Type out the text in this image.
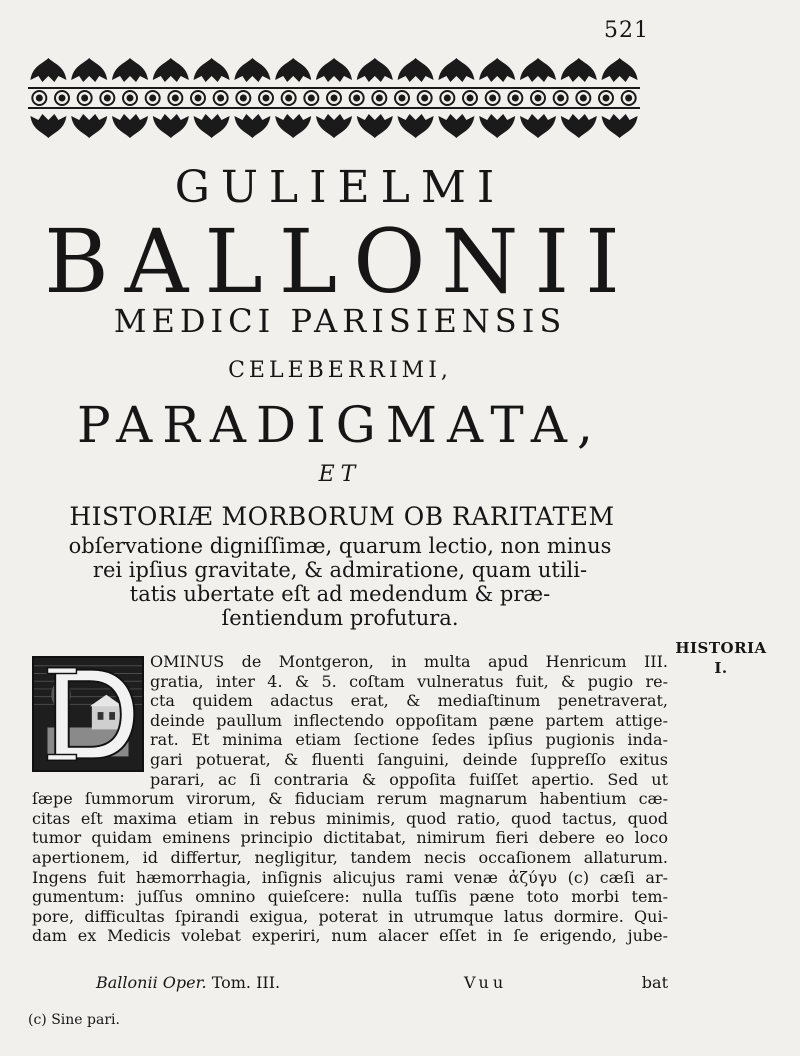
521
GULIELMI
BALLONII
MEDICI PARISIENSIS
CELEBERRIMI,
PARADIGMATA,
ET
HISTORIÆ MORBORUM OB RARITATEM
obſervatione digniſſimæ, quarum lectio, non minus
rei ipſius gravitate, & admiratione, quam utili-
tatis ubertate eſt ad medendum & præ-
ſentiendum profutura.
HISTORIA
I.
OMINUS de Montgeron, in multa apud Henricum III.
gratia, inter 4. & 5. coſtam vulneratus fuit, & pugio re-
cta quidem adactus erat, & mediaſtinum penetraverat,
deinde paullum inflectendo oppoſitam pæne partem attige-
rat. Et minima etiam ſectione ſedes ipſius pugionis inda-
gari potuerat, & fluenti ſanguini, deinde ſuppreſſo exitus
parari, ac ſi contraria & oppoſita fuiſſet apertio. Sed ut
ſæpe ſummorum virorum, & fiduciam rerum magnarum habentium cæ-
citas eſt maxima etiam in rebus minimis, quod ratio, quod tactus, quod
tumor quidam eminens principio dictitabat, nimirum fieri debere eo loco
apertionem, id differtur, negligitur, tandem necis occaſionem allaturum.
Ingens fuit hæmorrhagia, inſignis alicujus rami venæ ἀζύγυ (c) cæſi ar-
gumentum: juſſus omnino quieſcere: nulla tuſſis pæne toto morbi tem-
pore, difficultas ſpirandi exigua, poterat in utrumque latus dormire. Qui-
dam ex Medicis volebat experiri, num alacer eſſet in ſe erigendo, jube-
Ballonii Oper. Tom. III.	Vuu	bat
(c) Sine pari.
